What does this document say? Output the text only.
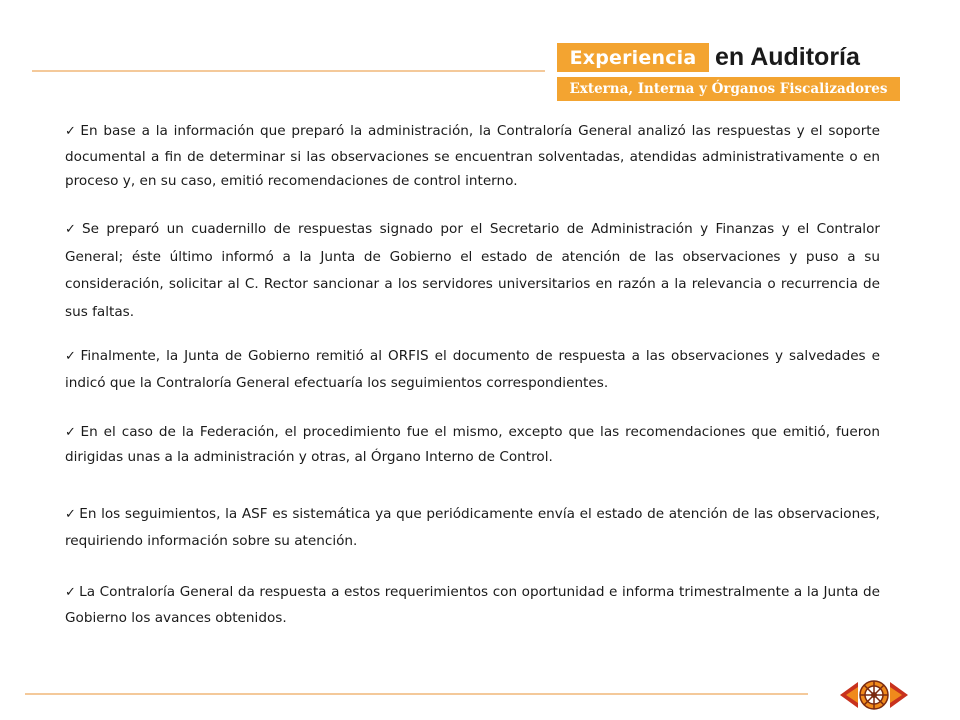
Experiencia en Auditoría
Externa, Interna y Órganos Fiscalizadores

✓ En base a la información que preparó la administración, la Contraloría General analizó las respuestas y el soporte documental a fin de determinar si las observaciones se encuentran solventadas, atendidas administrativamente o en proceso y, en su caso, emitió recomendaciones de control interno.

✓ Se preparó un cuadernillo de respuestas signado por el Secretario de Administración y Finanzas y el Contralor General; éste último informó a la Junta de Gobierno el estado de atención de las observaciones y puso a su consideración, solicitar al C. Rector sancionar a los servidores universitarios en razón a la relevancia o recurrencia de sus faltas.

✓ Finalmente, la Junta de Gobierno remitió al ORFIS el documento de respuesta a las observaciones y salvedades e indicó que la Contraloría General efectuaría los seguimientos correspondientes.

✓ En el caso de la Federación, el procedimiento fue el mismo, excepto que las recomendaciones que emitió, fueron dirigidas unas a la administración y otras, al Órgano Interno de Control.

✓ En los seguimientos, la ASF es sistemática ya que periódicamente envía el estado de atención de las observaciones, requiriendo información sobre su atención.

✓ La Contraloría General da respuesta a estos requerimientos con oportunidad e informa trimestralmente a la Junta de Gobierno los avances obtenidos.
